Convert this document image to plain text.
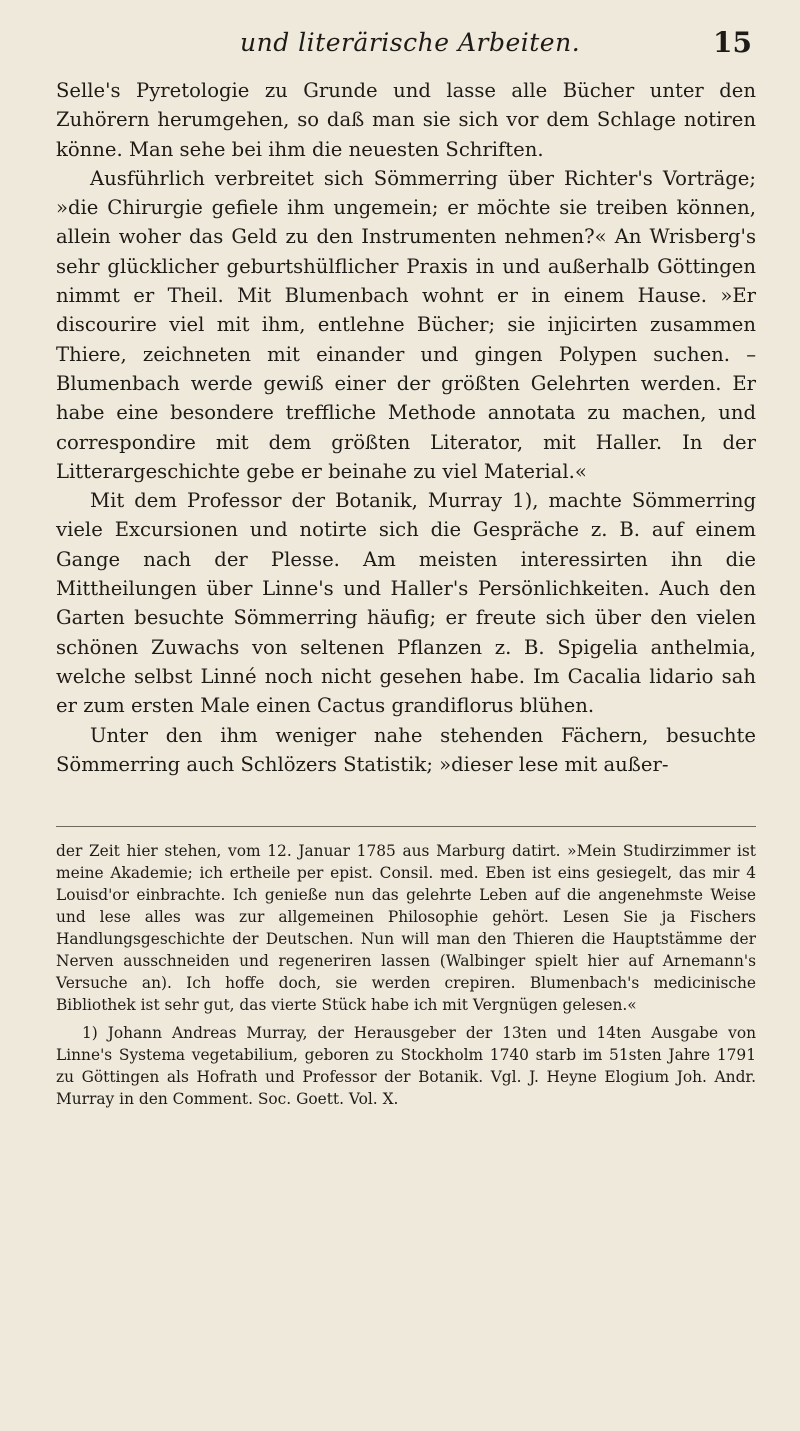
und literärische Arbeiten.	15

Selle's Pyretologie zu Grunde und lasse alle Bücher unter den Zuhörern herumgehen, so daß man sie sich vor dem Schlage notiren könne. Man sehe bei ihm die neuesten Schriften.

Ausführlich verbreitet sich Sömmerring über Richter's Vorträge; »die Chirurgie gefiele ihm ungemein; er möchte sie treiben können, allein woher das Geld zu den Instrumenten nehmen?« An Wrisberg's sehr glücklicher geburtshülflicher Praxis in und außerhalb Göttingen nimmt er Theil. Mit Blumenbach wohnt er in einem Hause. »Er discourire viel mit ihm, entlehne Bücher; sie injicirten zusammen Thiere, zeichneten mit einander und gingen Polypen suchen. – Blumenbach werde gewiß einer der größten Gelehrten werden. Er habe eine besondere treffliche Methode annotata zu machen, und correspondire mit dem größten Literator, mit Haller. In der Litterargeschichte gebe er beinahe zu viel Material.«

Mit dem Professor der Botanik, Murray 1), machte Sömmerring viele Excursionen und notirte sich die Gespräche z. B. auf einem Gange nach der Plesse. Am meisten interessirten ihn die Mittheilungen über Linne's und Haller's Persönlichkeiten. Auch den Garten besuchte Sömmerring häufig; er freute sich über den vielen schönen Zuwachs von seltenen Pflanzen z. B. Spigelia anthelmia, welche selbst Linné noch nicht gesehen habe. Im Cacalia lidario sah er zum ersten Male einen Cactus grandiflorus blühen.

Unter den ihm weniger nahe stehenden Fächern, besuchte Sömmerring auch Schlözers Statistik; »dieser lese mit außer-

der Zeit hier stehen, vom 12. Januar 1785 aus Marburg datirt. »Mein Studirzimmer ist meine Akademie; ich ertheile per epist. Consil. med. Eben ist eins gesiegelt, das mir 4 Louisd'or einbrachte. Ich genieße nun das gelehrte Leben auf die angenehmste Weise und lese alles was zur allgemeinen Philosophie gehört. Lesen Sie ja Fischers Handlungsgeschichte der Deutschen. Nun will man den Thieren die Hauptstämme der Nerven ausschneiden und regeneriren lassen (Walbinger spielt hier auf Arnemann's Versuche an). Ich hoffe doch, sie werden crepiren. Blumenbach's medicinische Bibliothek ist sehr gut, das vierte Stück habe ich mit Vergnügen gelesen.«

1) Johann Andreas Murray, der Herausgeber der 13ten und 14ten Ausgabe von Linne's Systema vegetabilium, geboren zu Stockholm 1740 starb im 51sten Jahre 1791 zu Göttingen als Hofrath und Professor der Botanik. Vgl. J. Heyne Elogium Joh. Andr. Murray in den Comment. Soc. Goett. Vol. X.
